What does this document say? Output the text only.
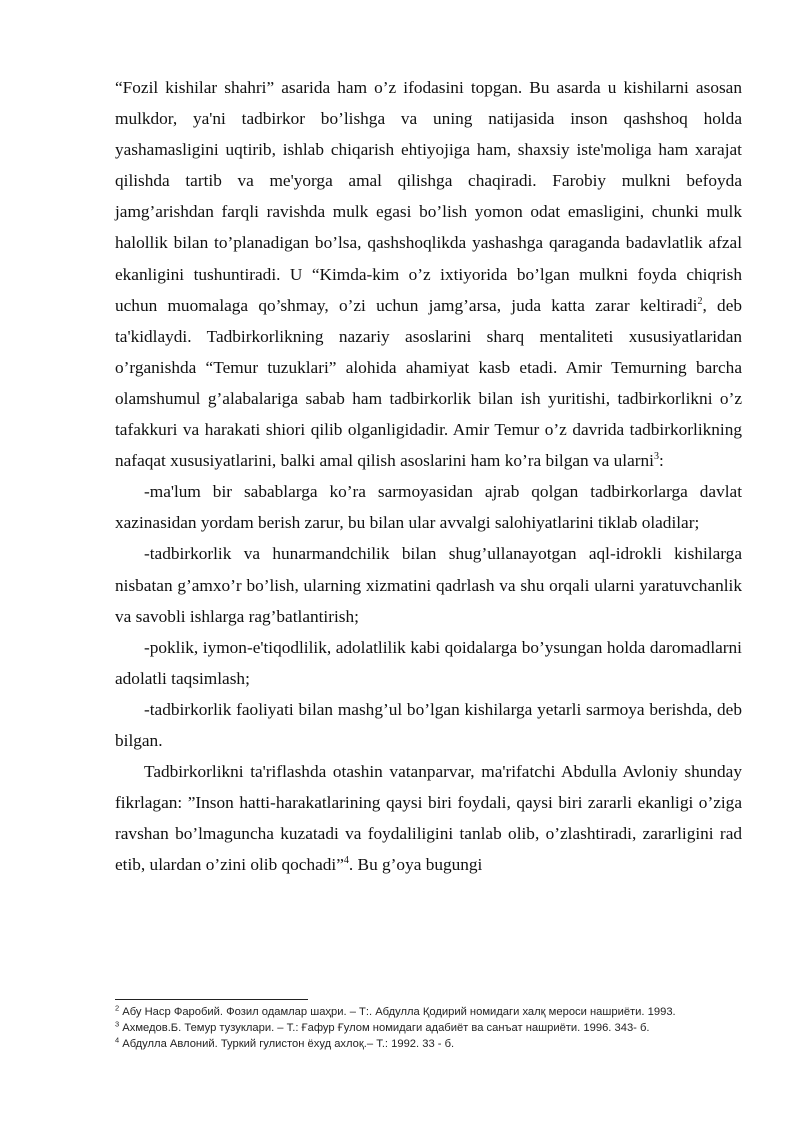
“Fozil kishilar shahri” asarida ham o’z ifodasini topgan. Bu asarda u kishilarni asosan mulkdor, ya'ni tadbirkor bo’lishga va uning natijasida inson qashshoq holda yashamasligini uqtirib, ishlab chiqarish ehtiyojiga ham, shaxsiy iste'moliga ham xarajat qilishda tartib va me'yorga amal qilishga chaqiradi. Farobiy mulkni befoyda jamg’arishdan farqli ravishda mulk egasi bo’lish yomon odat emasligini, chunki mulk halollik bilan to’planadigan bo’lsa, qashshoqlikda yashashga qaraganda badavlatlik afzal ekanligini tushuntiradi. U “Kimda-kim o’z ixtiyorida bo’lgan mulkni foyda chiqrish uchun muomalaga qo’shmay, o’zi uchun jamg’arsa, juda katta zarar keltiradi$^2$, deb ta'kidlaydi. Tadbirkorlikning nazariy asoslarini sharq mentaliteti xususiyatlaridan o’rganishda “Temur tuzuklari” alohida ahamiyat kasb etadi. Amir Temurning barcha olamshumul g’alabalariga sabab ham tadbirkorlik bilan ish yuritishi, tadbirkorlikni o’z tafakkuri va harakati shiori qilib olganligidadir. Amir Temur o’z davrida tadbirkorlikning nafaqat xususiyatlarini, balki amal qilish asoslarini ham ko’ra bilgan va ularni$^3$:

-ma'lum bir sabablarga ko’ra sarmoyasidan ajrab qolgan tadbirkorlarga davlat xazinasidan yordam berish zarur, bu bilan ular avvalgi salohiyatlarini tiklab oladilar;

-tadbirkorlik va hunarmandchilik bilan shug’ullanayotgan aql-idrokli kishilarga nisbatan g’amxo’r bo’lish, ularning xizmatini qadrlash va shu orqali ularni yaratuvchanlik va savobli ishlarga rag’batlantirish;

-poklik, iymon-e'tiqodlilik, adolatlilik kabi qoidalarga bo’ysungan holda daromadlarni adolatli taqsimlash;

-tadbirkorlik faoliyati bilan mashg’ul bo’lgan kishilarga yetarli sarmoya berishda, deb bilgan.

Tadbirkorlikni ta'riflashda otashin vatanparvar, ma'rifatchi Abdulla Avloniy shunday fikrlagan: ”Inson hatti-harakatlarining qaysi biri foydali, qaysi biri zararli ekanligi o’ziga ravshan bo’lmaguncha kuzatadi va foydaliligini tanlab olib, o’zlashtiradi, zararligini rad etib, ulardan o’zini olib qochadi”$^4$. Bu g’oya bugungi

$^2$ Абу Наср Фаробий. Фозил одамлар шаҳри. – Т:. Абдулла Қодирий номидаги халқ мероси нашриёти. 1993.
$^3$ Ахмедов.Б. Темур тузуклари. – Т.: Ғафур Ғулом номидаги адабиёт ва санъат нашриёти. 1996. 343- б.
$^4$ Абдулла Авлоний. Туркий гулистон ёхуд ахлоқ.– Т.: 1992. 33 - б.
